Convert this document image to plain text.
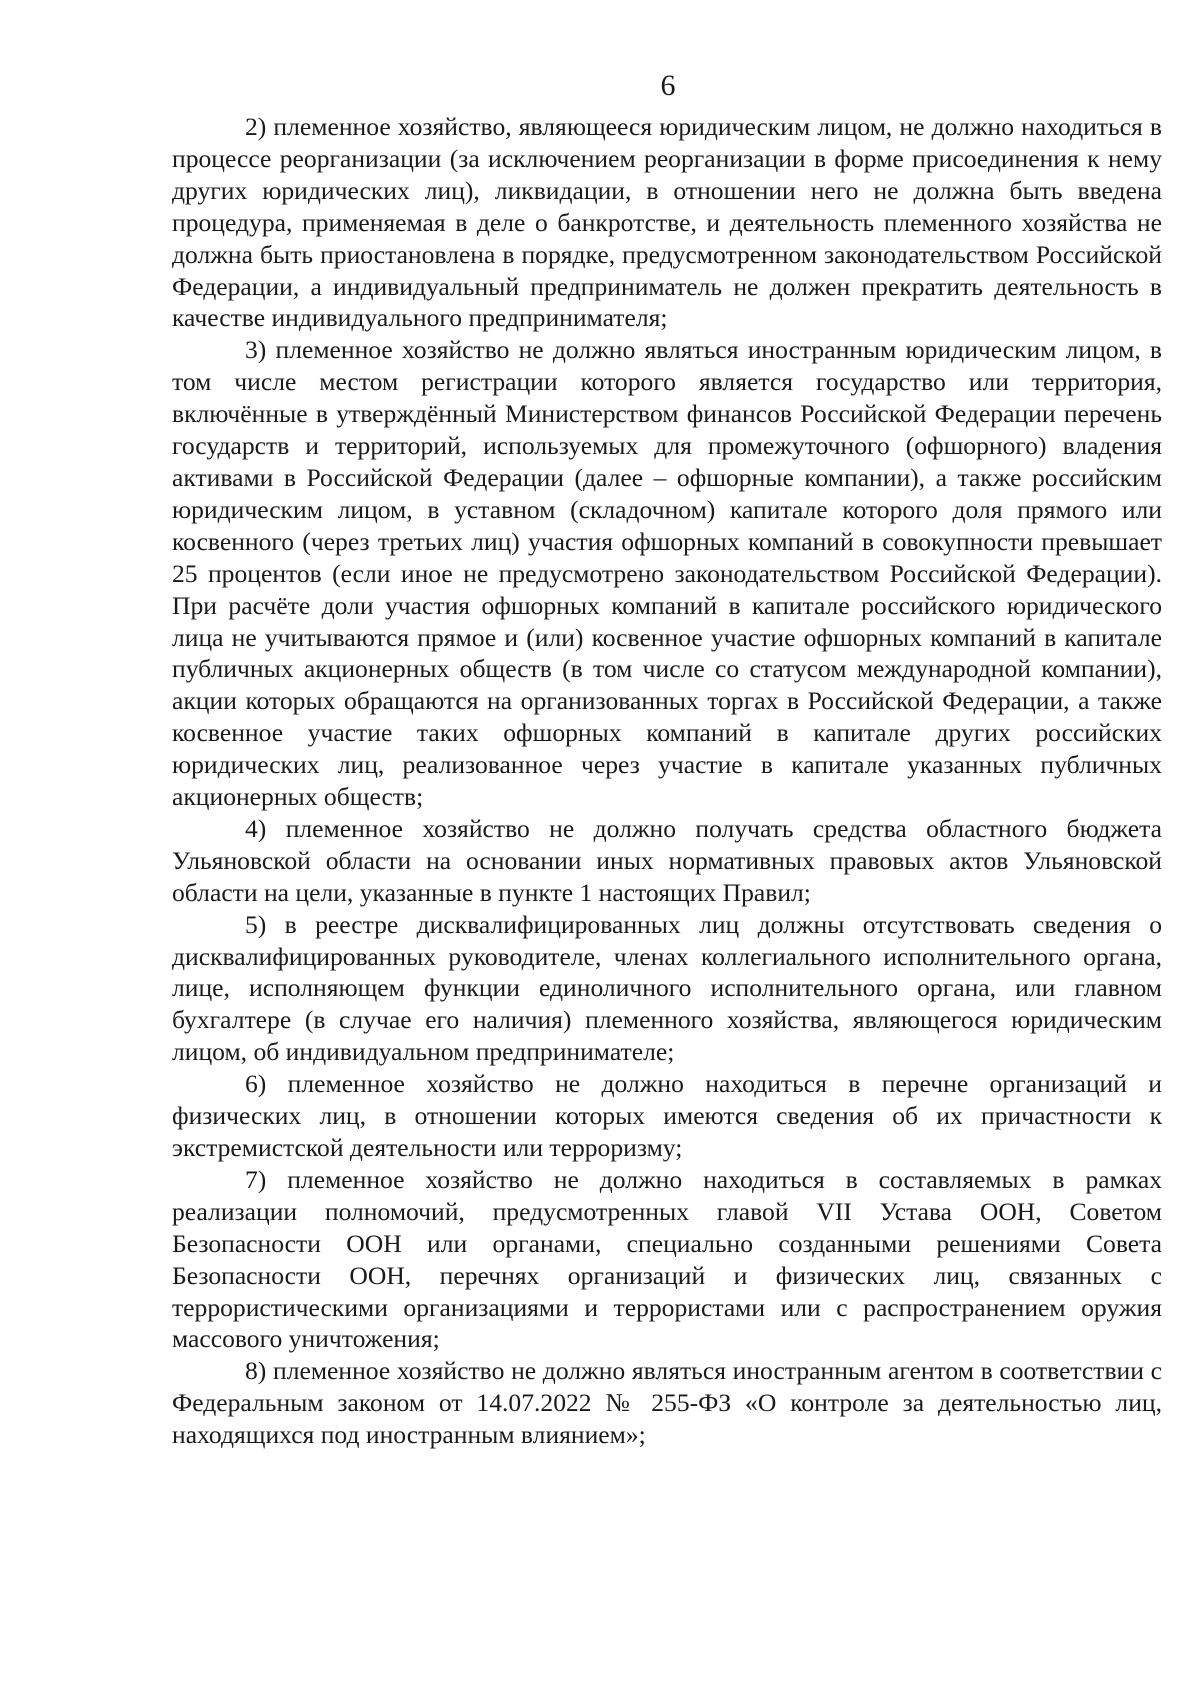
6

2) племенное хозяйство, являющееся юридическим лицом, не должно находиться в процессе реорганизации (за исключением реорганизации в форме присоединения к нему других юридических лиц), ликвидации, в отношении него не должна быть введена процедура, применяемая в деле о банкротстве, и деятельность племенного хозяйства не должна быть приостановлена в порядке, предусмотренном законодательством Российской Федерации, а индивидуальный предприниматель не должен прекратить деятельность в качестве индивидуального предпринимателя;

3) племенное хозяйство не должно являться иностранным юридическим лицом, в том числе местом регистрации которого является государство или территория, включённые в утверждённый Министерством финансов Российской Федерации перечень государств и территорий, используемых для промежуточного (офшорного) владения активами в Российской Федерации (далее – офшорные компании), а также российским юридическим лицом, в уставном (складочном) капитале которого доля прямого или косвенного (через третьих лиц) участия офшорных компаний в совокупности превышает 25 процентов (если иное не предусмотрено законодательством Российской Федерации). При расчёте доли участия офшорных компаний в капитале российского юридического лица не учитываются прямое и (или) косвенное участие офшорных компаний в капитале публичных акционерных обществ (в том числе со статусом международной компании), акции которых обращаются на организованных торгах в Российской Федерации, а также косвенное участие таких офшорных компаний в капитале других российских юридических лиц, реализованное через участие в капитале указанных публичных акционерных обществ;

4) племенное хозяйство не должно получать средства областного бюджета Ульяновской области на основании иных нормативных правовых актов Ульяновской области на цели, указанные в пункте 1 настоящих Правил;

5) в реестре дисквалифицированных лиц должны отсутствовать сведения о дисквалифицированных руководителе, членах коллегиального исполнительного органа, лице, исполняющем функции единоличного исполнительного органа, или главном бухгалтере (в случае его наличия) племенного хозяйства, являющегося юридическим лицом, об индивидуальном предпринимателе;

6) племенное хозяйство не должно находиться в перечне организаций и физических лиц, в отношении которых имеются сведения об их причастности к экстремистской деятельности или терроризму;

7) племенное хозяйство не должно находиться в составляемых в рамках реализации полномочий, предусмотренных главой VII Устава ООН, Советом Безопасности ООН или органами, специально созданными решениями Совета Безопасности ООН, перечнях организаций и физических лиц, связанных с террористическими организациями и террористами или с распространением оружия массового уничтожения;

8) племенное хозяйство не должно являться иностранным агентом в соответствии с Федеральным законом от 14.07.2022 № 255-ФЗ «О контроле за деятельностью лиц, находящихся под иностранным влиянием»;
